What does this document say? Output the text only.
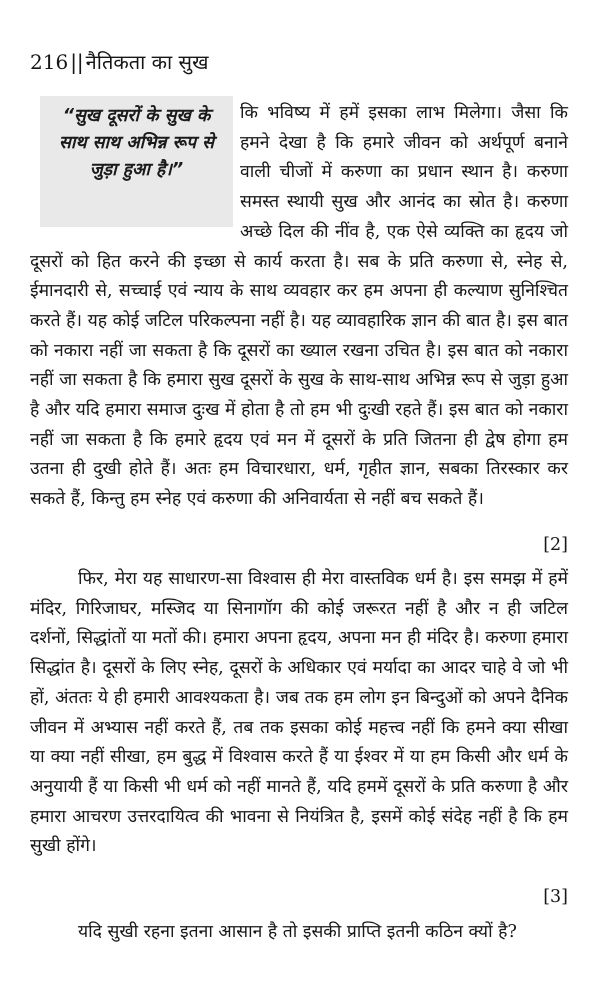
216 || नैतिकता का सुख
“सुख दूसरों के सुख के साथ साथ अभिन्न रूप से जुड़ा हुआ है।”

कि भविष्य में हमें इसका लाभ मिलेगा। जैसा कि हमने देखा है कि हमारे जीवन को अर्थपूर्ण बनाने वाली चीजों में करुणा का प्रधान स्थान है। करुणा समस्त स्थायी सुख और आनंद का स्रोत है। करुणा अच्छे दिल की नींव है, एक ऐसे व्यक्ति का हृदय जो दूसरों को हित करने की इच्छा से कार्य करता है। सब के प्रति करुणा से, स्नेह से, ईमानदारी से, सच्चाई एवं न्याय के साथ व्यवहार कर हम अपना ही कल्याण सुनिश्चित करते हैं। यह कोई जटिल परिकल्पना नहीं है। यह व्यावहारिक ज्ञान की बात है। इस बात को नकारा नहीं जा सकता है कि दूसरों का ख्याल रखना उचित है। इस बात को नकारा नहीं जा सकता है कि हमारा सुख दूसरों के सुख के साथ-साथ अभिन्न रूप से जुड़ा हुआ है और यदि हमारा समाज दुःख में होता है तो हम भी दुःखी रहते हैं। इस बात को नकारा नहीं जा सकता है कि हमारे हृदय एवं मन में दूसरों के प्रति जितना ही द्वेष होगा हम उतना ही दुखी होते हैं। अतः हम विचारधारा, धर्म, गृहीत ज्ञान, सबका तिरस्कार कर सकते हैं, किन्तु हम स्नेह एवं करुणा की अनिवार्यता से नहीं बच सकते हैं।

[2]

फिर, मेरा यह साधारण-सा विश्वास ही मेरा वास्तविक धर्म है। इस समझ में हमें मंदिर, गिरिजाघर, मस्जिद या सिनागॉग की कोई जरूरत नहीं है और न ही जटिल दर्शनों, सिद्धांतों या मतों की। हमारा अपना हृदय, अपना मन ही मंदिर है। करुणा हमारा सिद्धांत है। दूसरों के लिए स्नेह, दूसरों के अधिकार एवं मर्यादा का आदर चाहे वे जो भी हों, अंततः ये ही हमारी आवश्यकता है। जब तक हम लोग इन बिन्दुओं को अपने दैनिक जीवन में अभ्यास नहीं करते हैं, तब तक इसका कोई महत्त्व नहीं कि हमने क्या सीखा या क्या नहीं सीखा, हम बुद्ध में विश्वास करते हैं या ईश्वर में या हम किसी और धर्म के अनुयायी हैं या किसी भी धर्म को नहीं मानते हैं, यदि हममें दूसरों के प्रति करुणा है और हमारा आचरण उत्तरदायित्व की भावना से नियंत्रित है, इसमें कोई संदेह नहीं है कि हम सुखी होंगे।

[3]

यदि सुखी रहना इतना आसान है तो इसकी प्राप्ति इतनी कठिन क्यों है?
